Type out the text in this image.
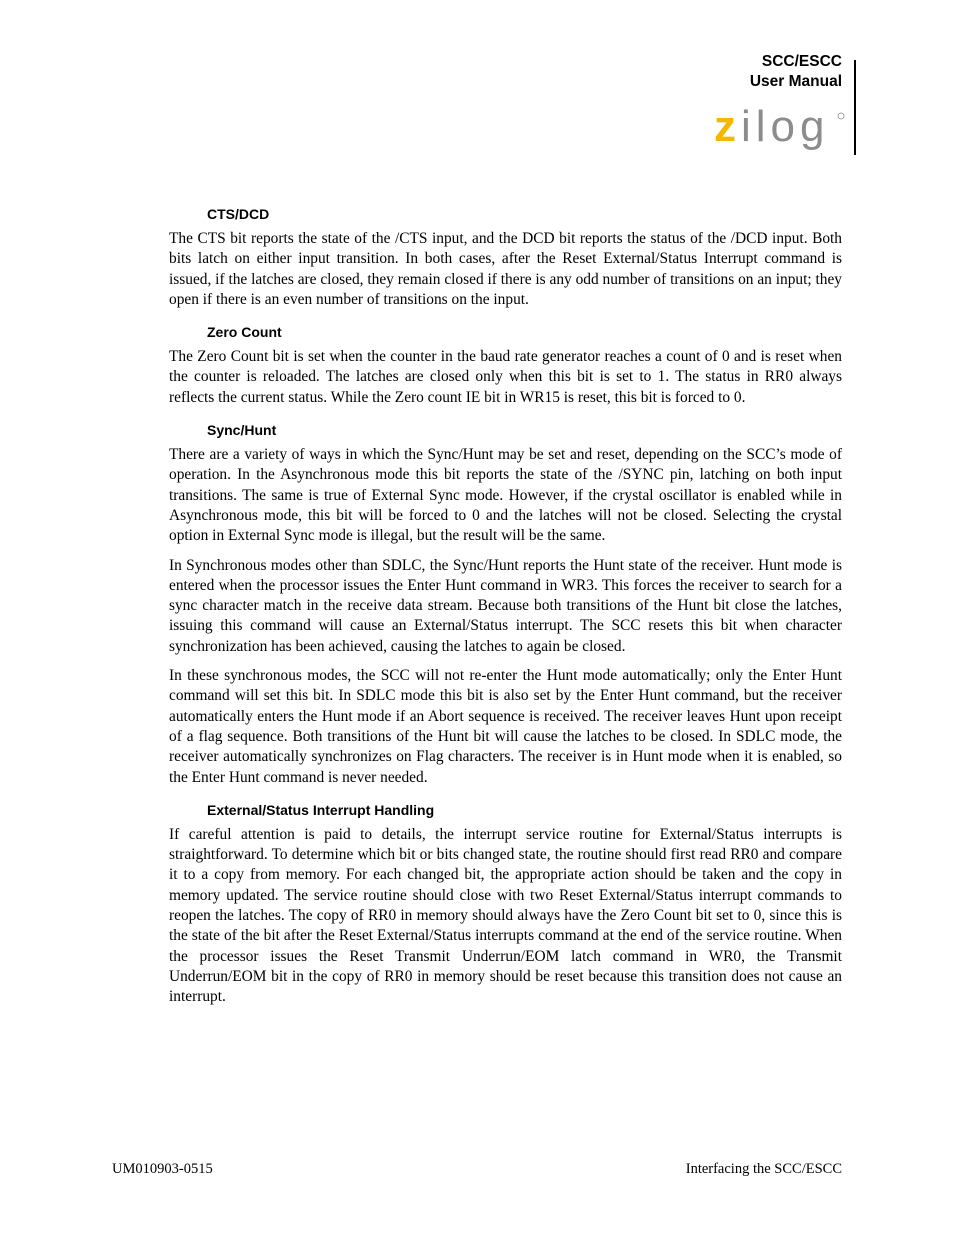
SCC/ESCC
User Manual
z ilog
CTS/DCD

The CTS bit reports the state of the /CTS input, and the DCD bit reports the status of the /DCD input. Both bits latch on either input transition. In both cases, after the Reset External/Status Interrupt command is issued, if the latches are closed, they remain closed if there is any odd number of transitions on an input; they open if there is an even number of transitions on the input.

Zero Count

The Zero Count bit is set when the counter in the baud rate generator reaches a count of 0 and is reset when the counter is reloaded. The latches are closed only when this bit is set to 1. The status in RR0 always reflects the current status. While the Zero count IE bit in WR15 is reset, this bit is forced to 0.

Sync/Hunt

There are a variety of ways in which the Sync/Hunt may be set and reset, depending on the SCC’s mode of operation. In the Asynchronous mode this bit reports the state of the /SYNC pin, latching on both input transitions. The same is true of External Sync mode. However, if the crystal oscillator is enabled while in Asynchronous mode, this bit will be forced to 0 and the latches will not be closed. Selecting the crystal option in External Sync mode is illegal, but the result will be the same.

In Synchronous modes other than SDLC, the Sync/Hunt reports the Hunt state of the receiver. Hunt mode is entered when the processor issues the Enter Hunt command in WR3. This forces the receiver to search for a sync character match in the receive data stream. Because both transitions of the Hunt bit close the latches, issuing this command will cause an External/Status interrupt. The SCC resets this bit when character synchronization has been achieved, causing the latches to again be closed.

In these synchronous modes, the SCC will not re-enter the Hunt mode automatically; only the Enter Hunt command will set this bit. In SDLC mode this bit is also set by the Enter Hunt command, but the receiver automatically enters the Hunt mode if an Abort sequence is received. The receiver leaves Hunt upon receipt of a flag sequence. Both transitions of the Hunt bit will cause the latches to be closed. In SDLC mode, the receiver automatically synchronizes on Flag characters. The receiver is in Hunt mode when it is enabled, so the Enter Hunt command is never needed.

External/Status Interrupt Handling

If careful attention is paid to details, the interrupt service routine for External/Status interrupts is straightforward. To determine which bit or bits changed state, the routine should first read RR0 and compare it to a copy from memory. For each changed bit, the appropriate action should be taken and the copy in memory updated. The service routine should close with two Reset External/Status interrupt commands to reopen the latches. The copy of RR0 in memory should always have the Zero Count bit set to 0, since this is the state of the bit after the Reset External/Status interrupts command at the end of the service routine. When the processor issues the Reset Transmit Underrun/EOM latch command in WR0, the Transmit Underrun/EOM bit in the copy of RR0 in memory should be reset because this transition does not cause an interrupt.

UM010903-0515	Interfacing the SCC/ESCC
